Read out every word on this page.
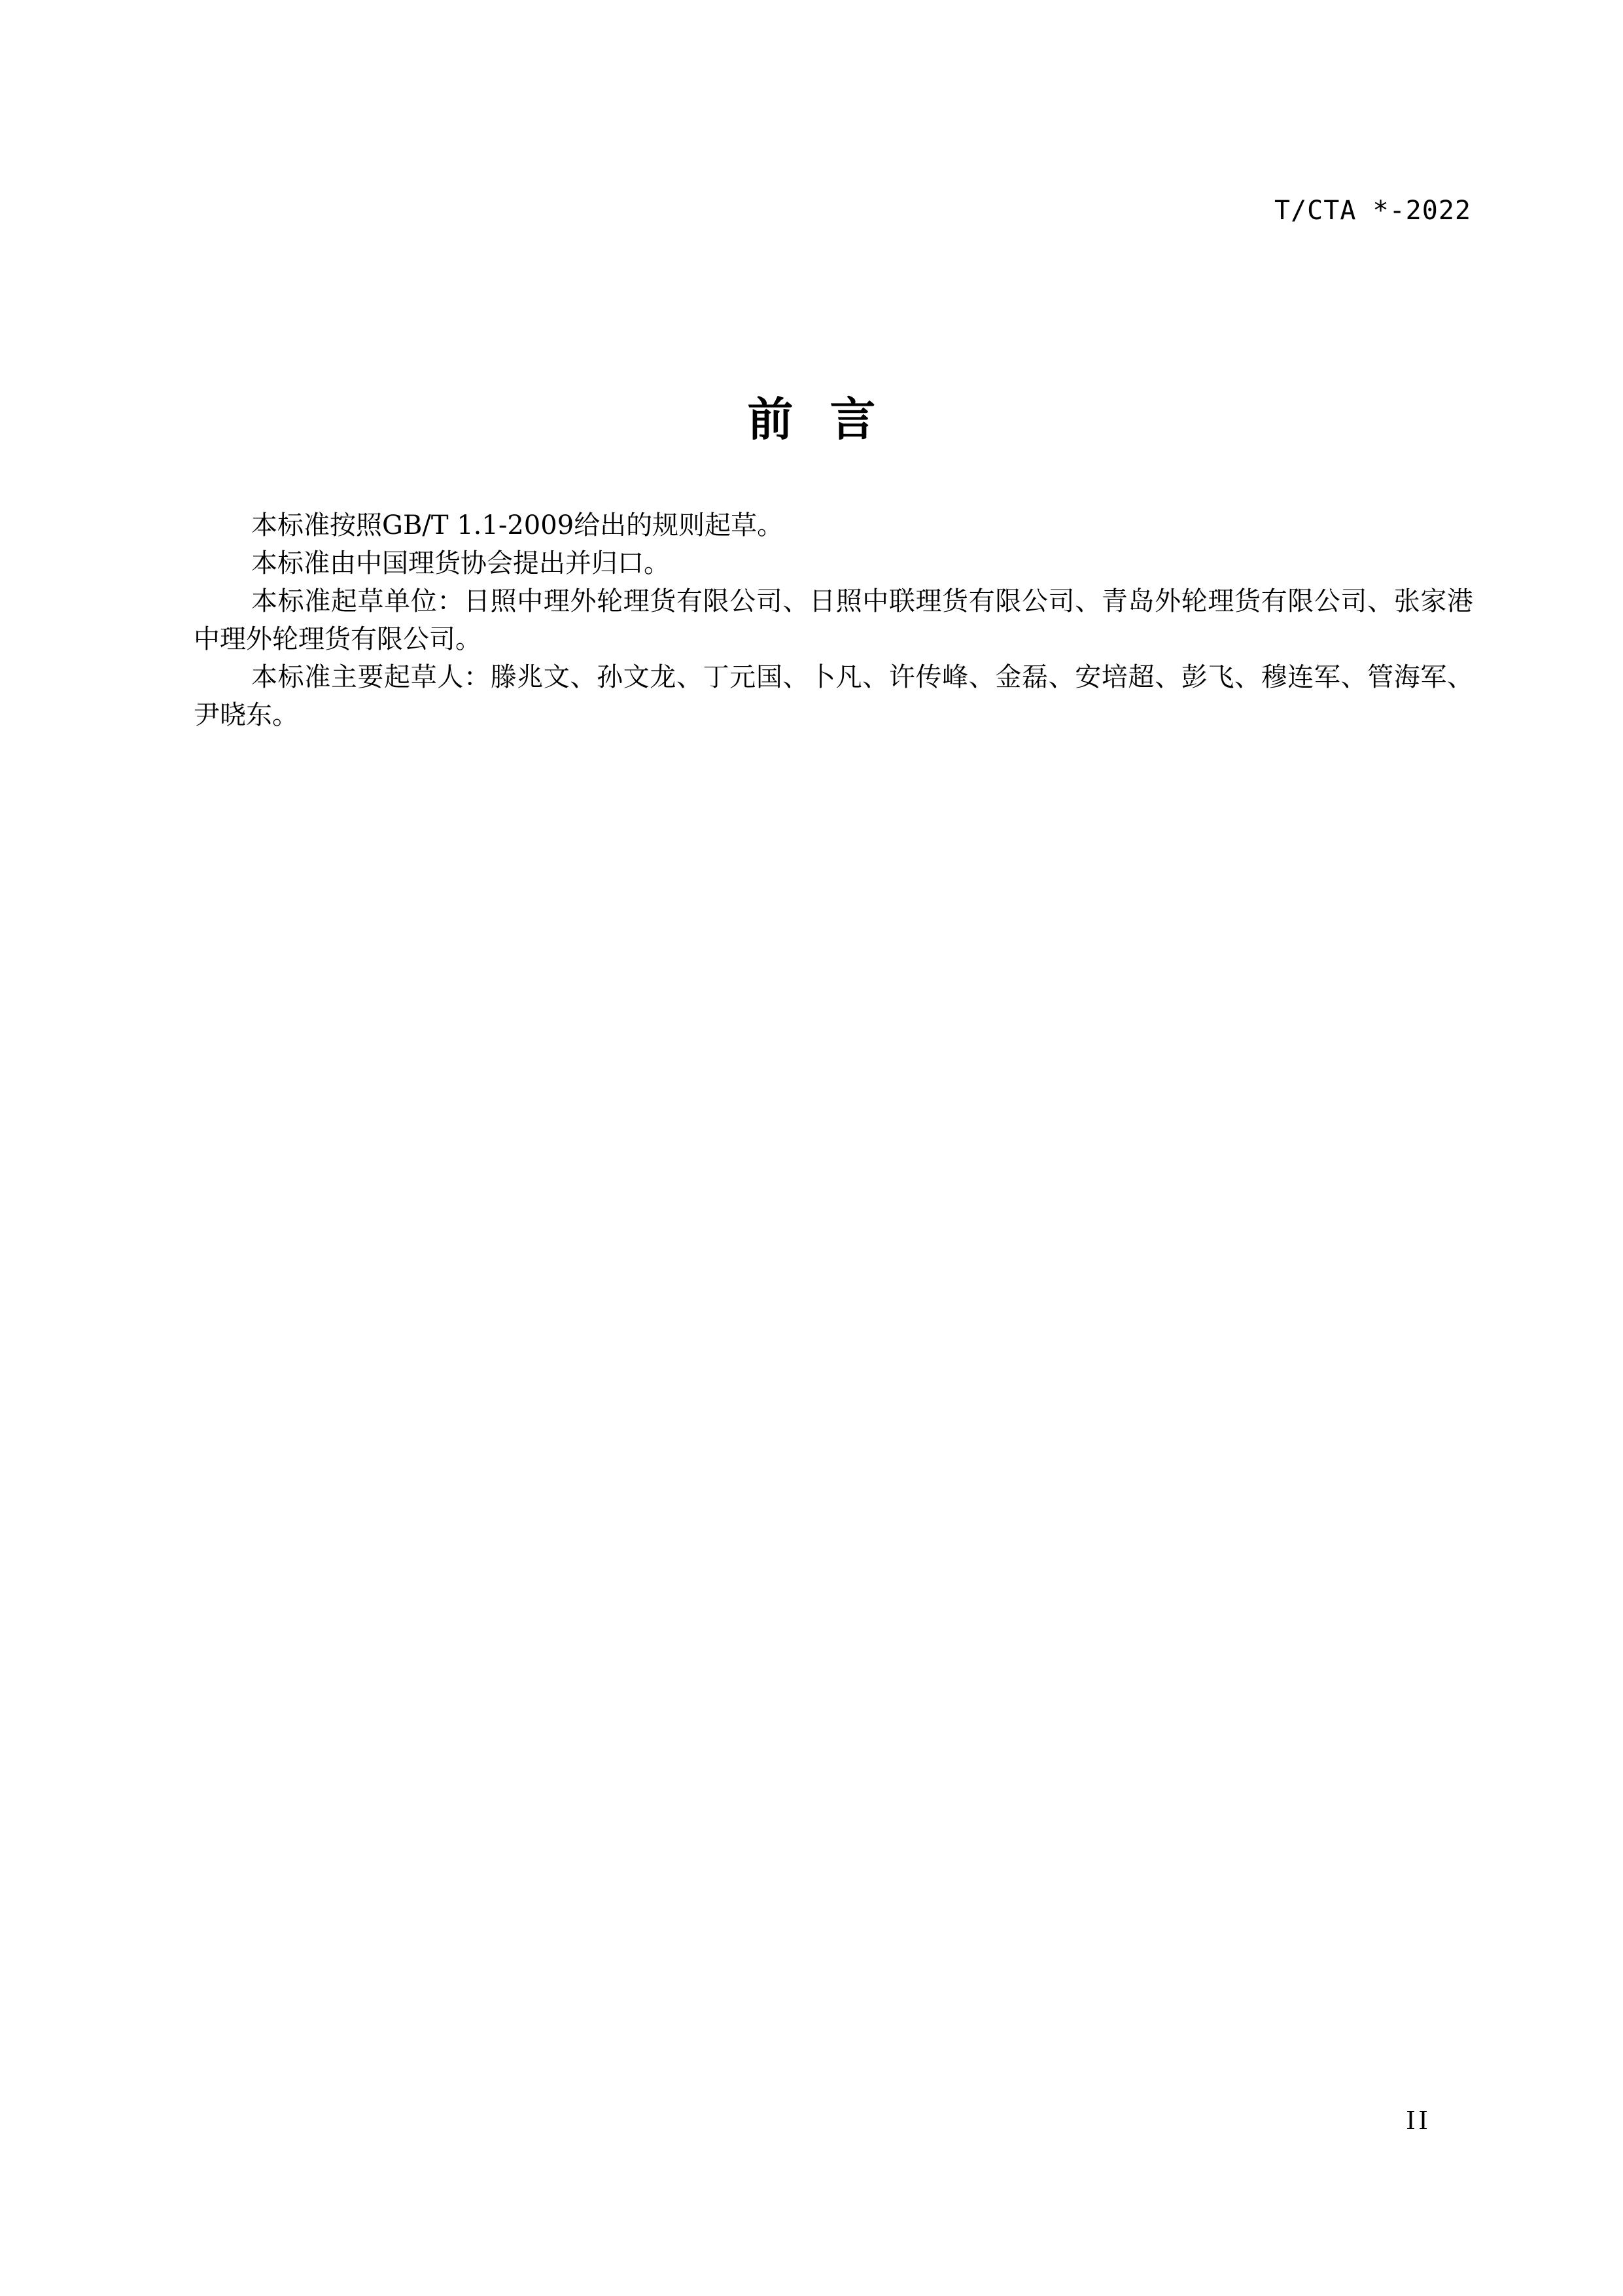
T/CTA *-2022
前言

本标准按照GB/T 1.1-2009给出的规则起草。

本标准由中国理货协会提出并归口。

本标准起草单位：日照中理外轮理货有限公司、日照中联理货有限公司、青岛外轮理货有限公司、张家港中理外轮理货有限公司。

本标准主要起草人：滕兆文、孙文龙、丁元国、卜凡、许传峰、金磊、安培超、彭飞、穆连军、管海军、尹晓东。

II
